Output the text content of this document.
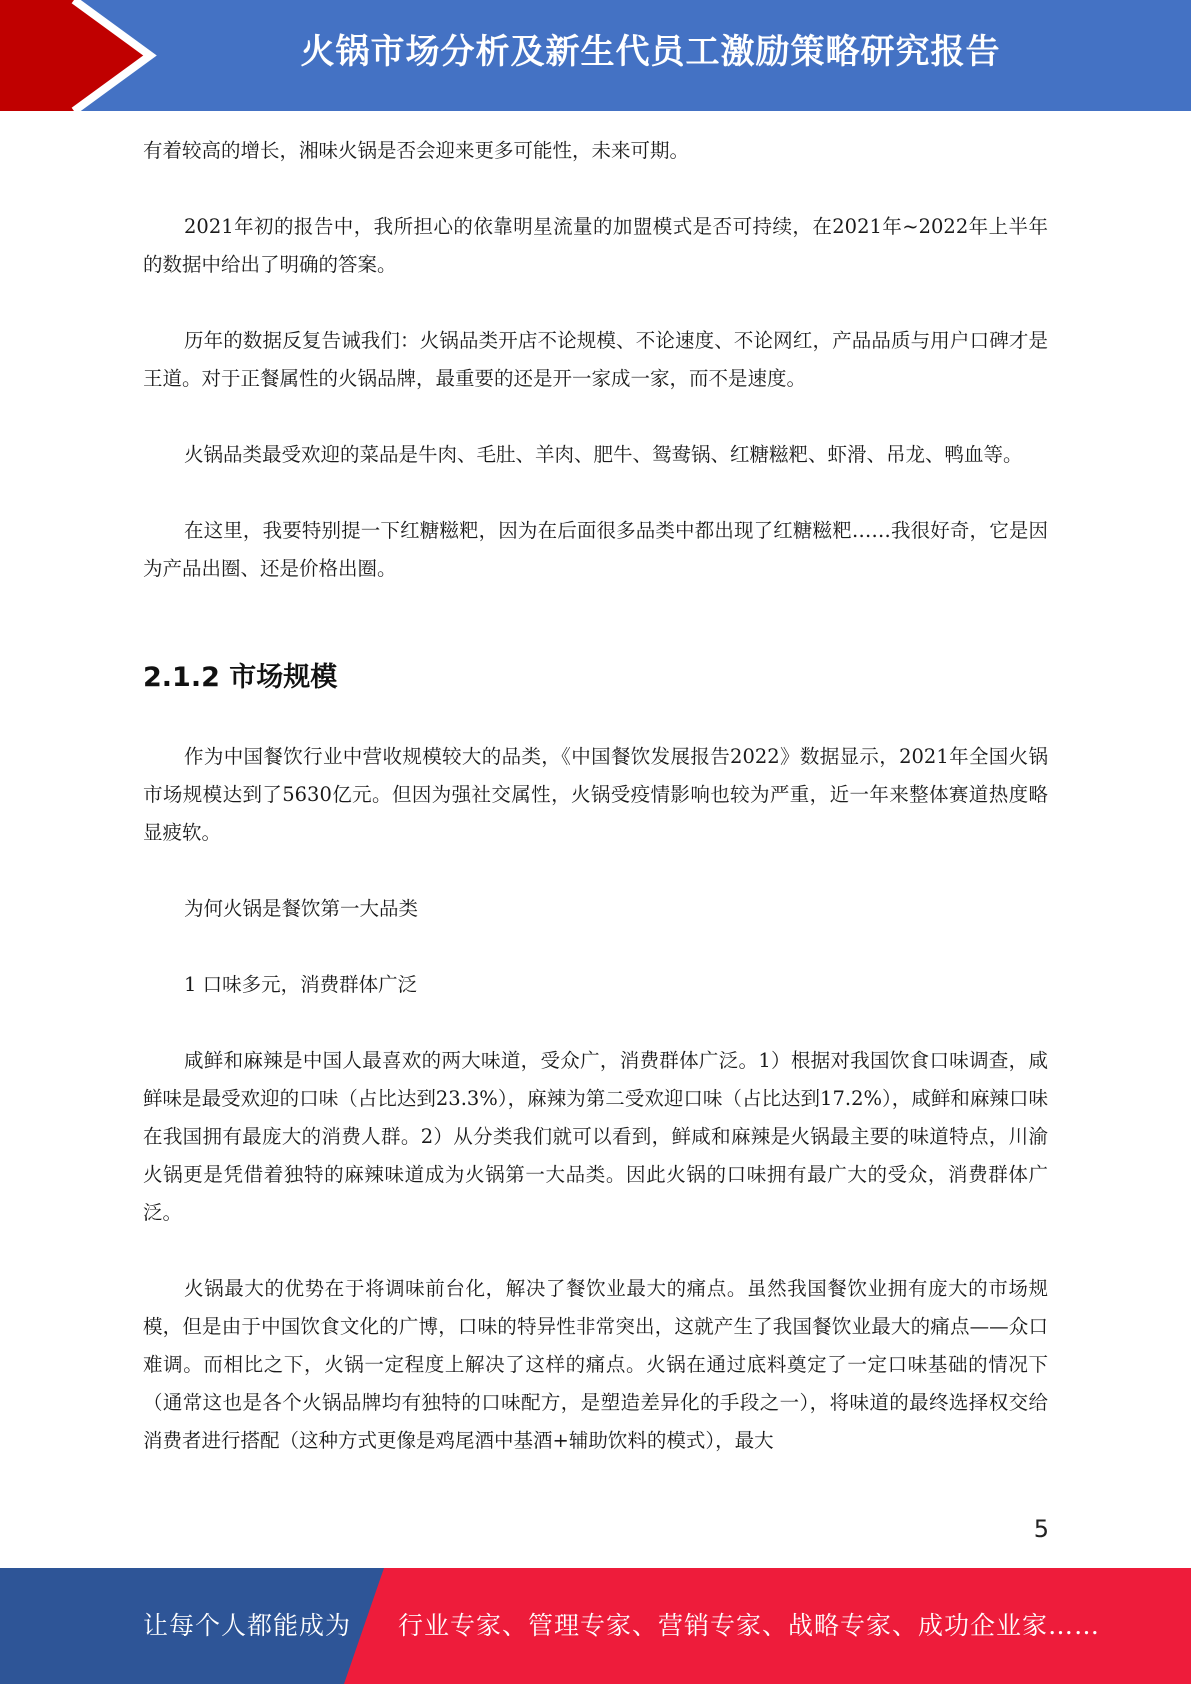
火锅市场分析及新生代员工激励策略研究报告

有着较高的增长，湘味火锅是否会迎来更多可能性，未来可期。

2021年初的报告中，我所担心的依靠明星流量的加盟模式是否可持续，在2021年~2022年上半年的数据中给出了明确的答案。

历年的数据反复告诫我们：火锅品类开店不论规模、不论速度、不论网红，产品品质与用户口碑才是王道。对于正餐属性的火锅品牌，最重要的还是开一家成一家，而不是速度。

火锅品类最受欢迎的菜品是牛肉、毛肚、羊肉、肥牛、鸳鸯锅、红糖糍粑、虾滑、吊龙、鸭血等。

在这里，我要特别提一下红糖糍粑，因为在后面很多品类中都出现了红糖糍粑……我很好奇，它是因为产品出圈、还是价格出圈。

2.1.2 市场规模

作为中国餐饮行业中营收规模较大的品类，《中国餐饮发展报告2022》数据显示，2021年全国火锅市场规模达到了5630亿元。但因为强社交属性，火锅受疫情影响也较为严重，近一年来整体赛道热度略显疲软。

为何火锅是餐饮第一大品类

1 口味多元，消费群体广泛

咸鲜和麻辣是中国人最喜欢的两大味道，受众广，消费群体广泛。1）根据对我国饮食口味调查，咸鲜味是最受欢迎的口味（占比达到23.3%），麻辣为第二受欢迎口味（占比达到17.2%），咸鲜和麻辣口味在我国拥有最庞大的消费人群。2）从分类我们就可以看到，鲜咸和麻辣是火锅最主要的味道特点，川渝火锅更是凭借着独特的麻辣味道成为火锅第一大品类。因此火锅的口味拥有最广大的受众，消费群体广泛。

火锅最大的优势在于将调味前台化，解决了餐饮业最大的痛点。虽然我国餐饮业拥有庞大的市场规模，但是由于中国饮食文化的广博，口味的特异性非常突出，这就产生了我国餐饮业最大的痛点——众口难调。而相比之下，火锅一定程度上解决了这样的痛点。火锅在通过底料奠定了一定口味基础的情况下（通常这也是各个火锅品牌均有独特的口味配方，是塑造差异化的手段之一），将味道的最终选择权交给消费者进行搭配（这种方式更像是鸡尾酒中基酒+辅助饮料的模式），最大

5
让每个人都能成为 行业专家、管理专家、营销专家、战略专家、成功企业家……
